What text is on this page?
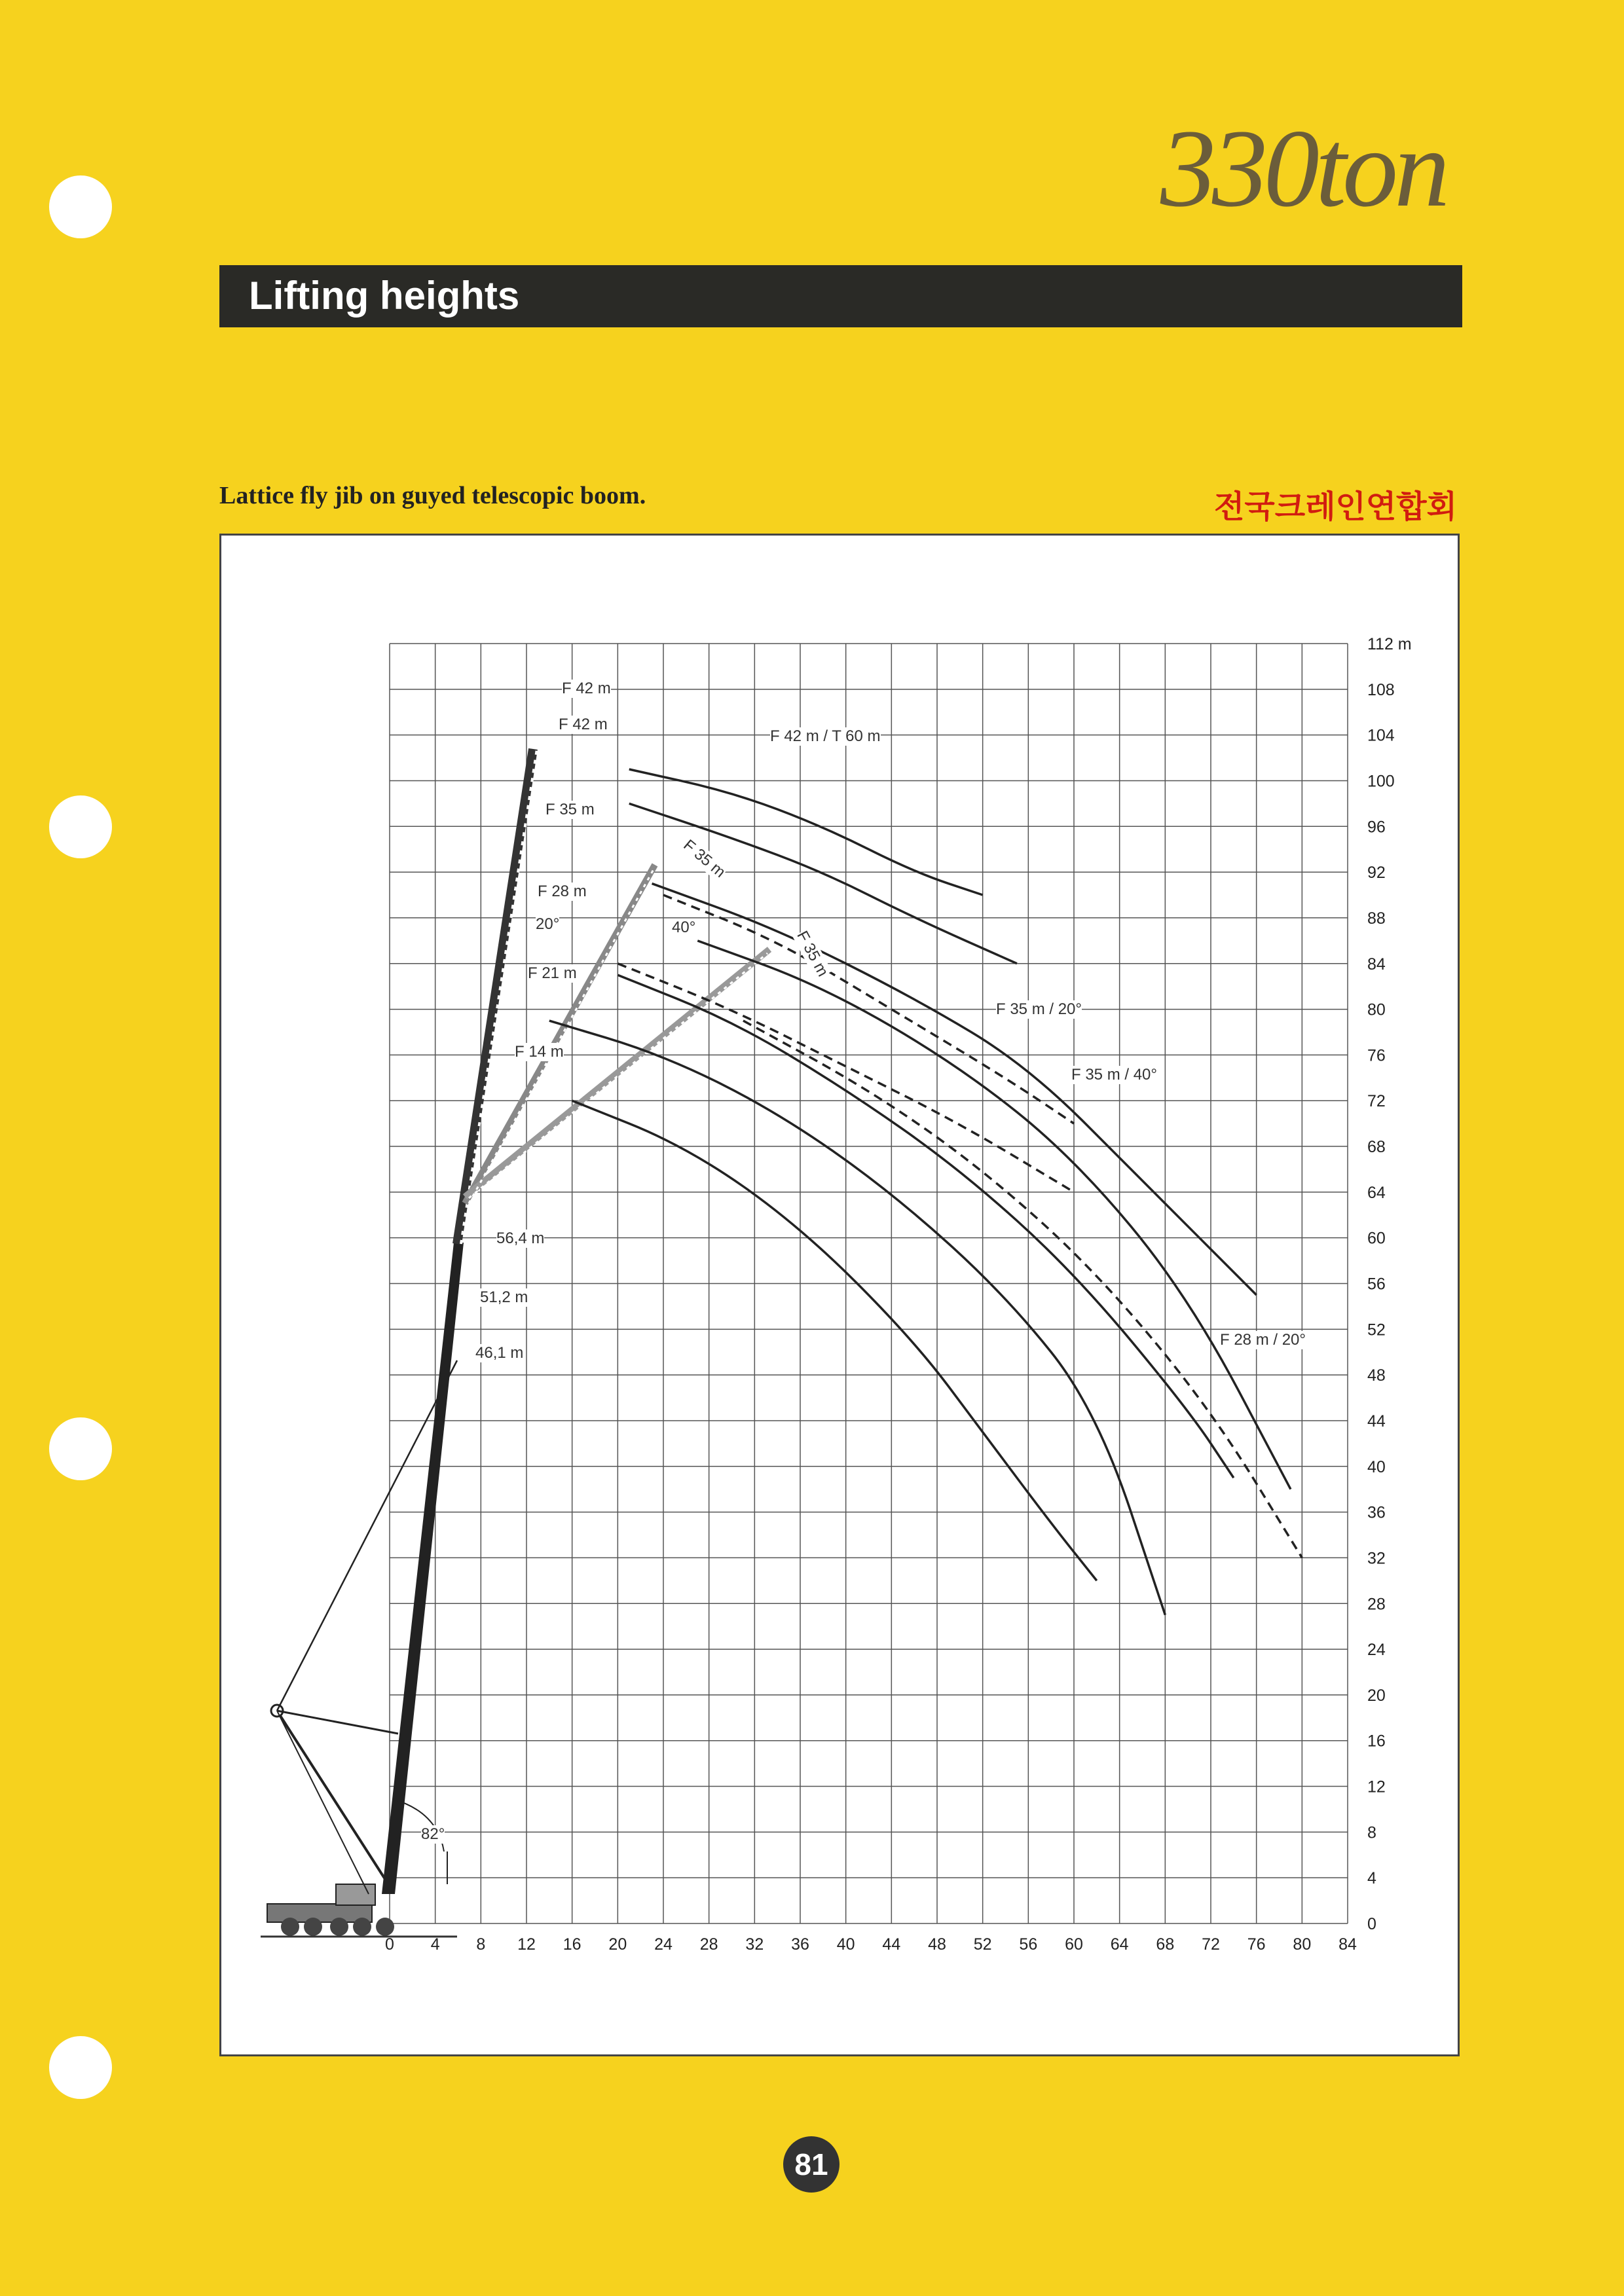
330ton
Lifting heights
Lattice fly jib on guyed telescopic boom.	전국크레인연합회
0 4 8 12 16 20 24 28 32 36 40 44 48 52 56 60 64 68 72 76 80 84
0
4
8
12
16
20
24
28
32
36
40
44
48
52
56
60
64
68
72
76
80
84
88
92
96
100
104
108
112 m
F 42 m
F 42 m
F 35 m
F 28 m
F 21 m
F 14 m
56,4 m
51,2 m
46,1 m
F 35 m
F 35 m
20°	40°
82°
F 42 m / T 60 m
F 35 m / 20°
F 35 m / 40°
F 28 m / 20°
81
